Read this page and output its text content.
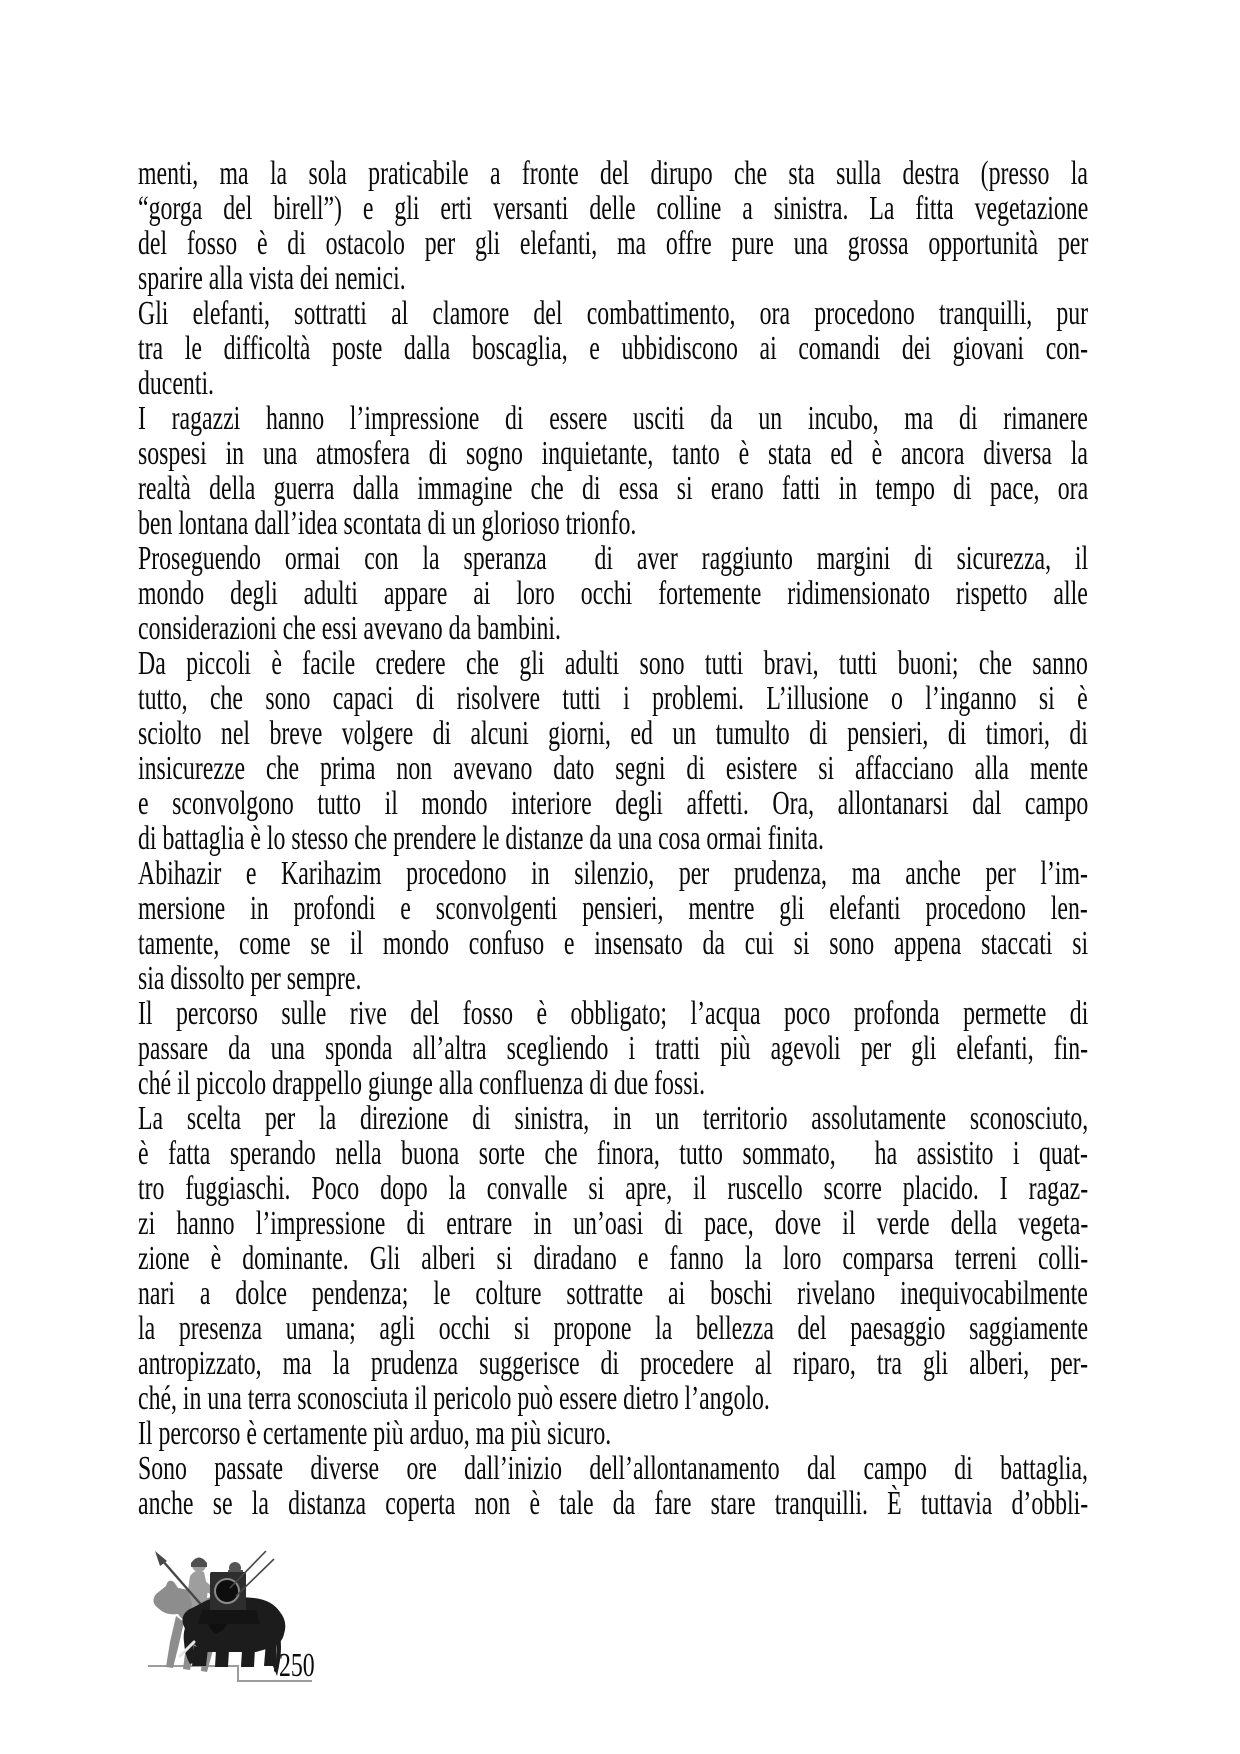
menti, ma la sola praticabile a fronte del dirupo che sta sulla destra (presso la
“gorga del birell”) e gli erti versanti delle colline a sinistra. La fitta vegetazione
del fosso è di ostacolo per gli elefanti, ma offre pure una grossa opportunità per
sparire alla vista dei nemici.
Gli elefanti, sottratti al clamore del combattimento, ora procedono tranquilli, pur
tra le difficoltà poste dalla boscaglia, e ubbidiscono ai comandi dei giovani con-
ducenti.
I ragazzi hanno l’impressione di essere usciti da un incubo, ma di rimanere
sospesi in una atmosfera di sogno inquietante, tanto è stata ed è ancora diversa la
realtà della guerra dalla immagine che di essa si erano fatti in tempo di pace, ora
ben lontana dall’idea scontata di un glorioso trionfo.
Proseguendo ormai con la speranza  di aver raggiunto margini di sicurezza, il
mondo degli adulti appare ai loro occhi fortemente ridimensionato rispetto alle
considerazioni che essi avevano da bambini.
Da piccoli è facile credere che gli adulti sono tutti bravi, tutti buoni; che sanno
tutto, che sono capaci di risolvere tutti i problemi. L’illusione o l’inganno si è
sciolto nel breve volgere di alcuni giorni, ed un tumulto di pensieri, di timori, di
insicurezze che prima non avevano dato segni di esistere si affacciano alla mente
e sconvolgono tutto il mondo interiore degli affetti. Ora, allontanarsi dal campo
di battaglia è lo stesso che prendere le distanze da una cosa ormai finita.
Abihazir e Karihazim procedono in silenzio, per prudenza, ma anche per l’im-
mersione in profondi e sconvolgenti pensieri, mentre gli elefanti procedono len-
tamente, come se il mondo confuso e insensato da cui si sono appena staccati si
sia dissolto per sempre.
Il percorso sulle rive del fosso è obbligato; l’acqua poco profonda permette di
passare da una sponda all’altra scegliendo i tratti più agevoli per gli elefanti, fin-
ché il piccolo drappello giunge alla confluenza di due fossi.
La scelta per la direzione di sinistra, in un territorio assolutamente sconosciuto,
è fatta sperando nella buona sorte che finora, tutto sommato,  ha assistito i quat-
tro fuggiaschi. Poco dopo la convalle si apre, il ruscello scorre placido. I ragaz-
zi hanno l’impressione di entrare in un’oasi di pace, dove il verde della vegeta-
zione è dominante. Gli alberi si diradano e fanno la loro comparsa terreni colli-
nari a dolce pendenza; le colture sottratte ai boschi rivelano inequivocabilmente
la presenza umana; agli occhi si propone la bellezza del paesaggio saggiamente
antropizzato, ma la prudenza suggerisce di procedere al riparo, tra gli alberi, per-
ché, in una terra sconosciuta il pericolo può essere dietro l’angolo.
Il percorso è certamente più arduo, ma più sicuro.
Sono passate diverse ore dall’inizio dell’allontanamento dal campo di battaglia,
anche se la distanza coperta non è tale da fare stare tranquilli. È tuttavia d’obbli-
250
